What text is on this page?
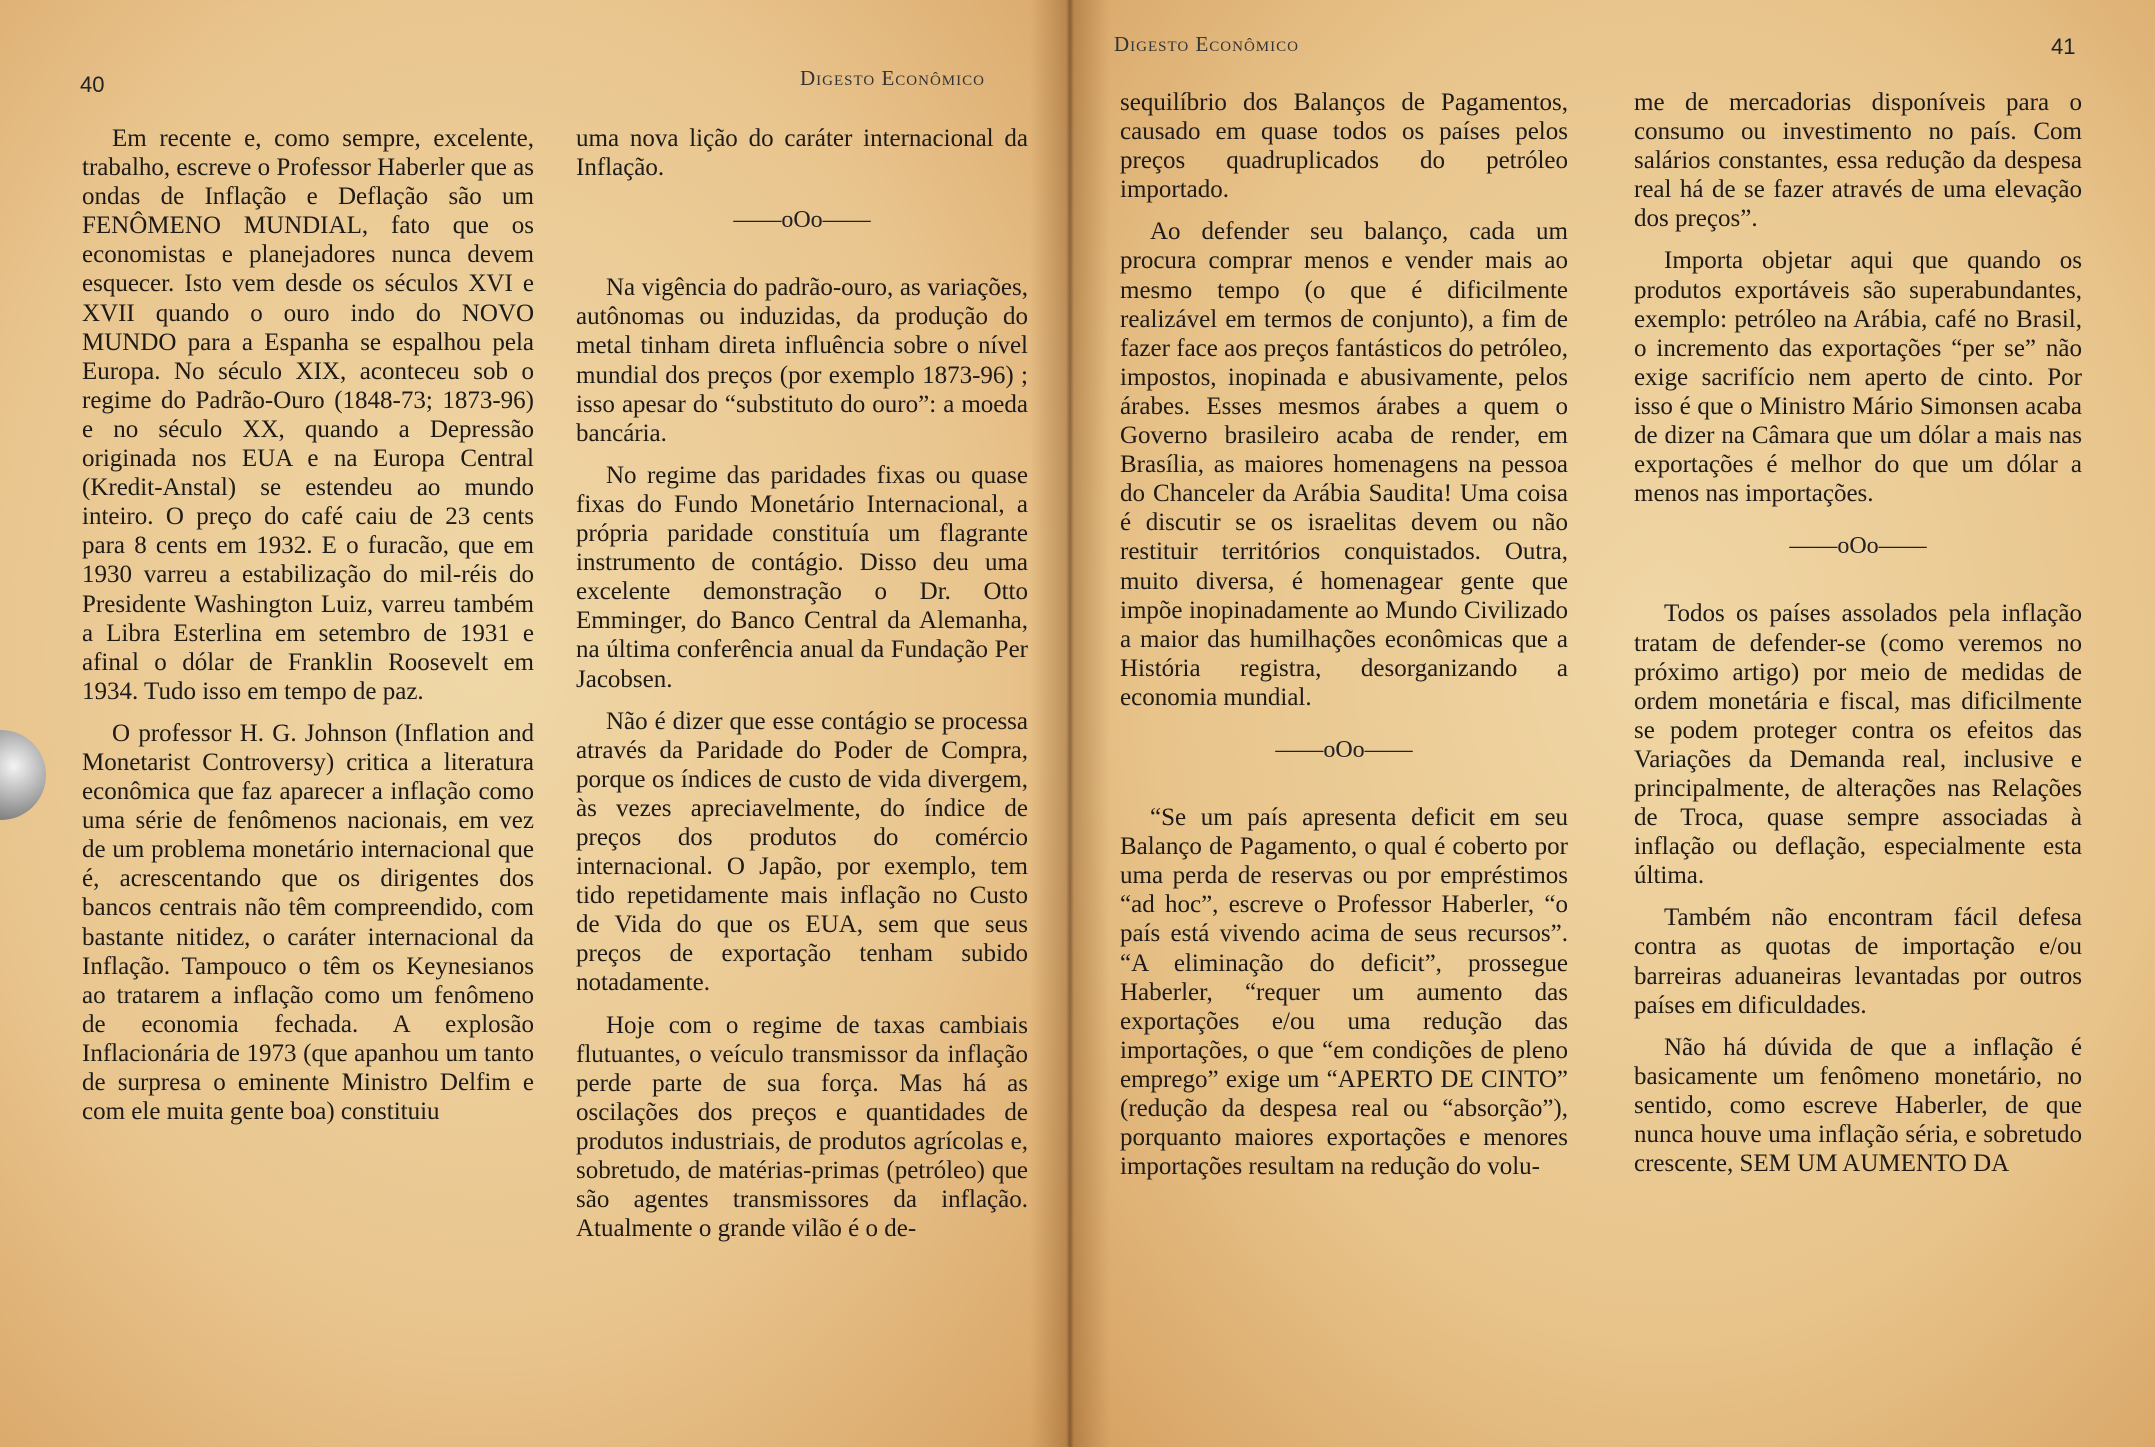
40	Digesto Econômico

Em recente e, como sempre, excelente, trabalho, escreve o Professor Haberler que as ondas de Inflação e Deflação são um FENÔMENO MUNDIAL, fato que os economistas e planejadores nunca devem esquecer. Isto vem desde os séculos XVI e XVII quando o ouro indo do NOVO MUNDO para a Espanha se espalhou pela Europa. No século XIX, aconteceu sob o regime do Padrão-Ouro (1848-73; 1873-96) e no século XX, quando a Depressão originada nos EUA e na Europa Central (Kredit-Anstal) se estendeu ao mundo inteiro. O preço do café caiu de 23 cents para 8 cents em 1932. E o furacão, que em 1930 varreu a estabilização do mil-réis do Presidente Washington Luiz, varreu também a Libra Esterlina em setembro de 1931 e afinal o dólar de Franklin Roosevelt em 1934. Tudo isso em tempo de paz.

O professor H. G. Johnson (Inflation and Monetarist Controversy) critica a literatura econômica que faz aparecer a inflação como uma série de fenômenos nacionais, em vez de um problema monetário internacional que é, acrescentando que os dirigentes dos bancos centrais não têm compreendido, com bastante nitidez, o caráter internacional da Inflação. Tampouco o têm os Keynesianos ao tratarem a inflação como um fenômeno de economia fechada. A explosão Inflacionária de 1973 (que apanhou um tanto de surpresa o eminente Ministro Delfim e com ele muita gente boa) constituiu

uma nova lição do caráter internacional da Inflação.

——oOo——

Na vigência do padrão-ouro, as variações, autônomas ou induzidas, da produção do metal tinham direta influência sobre o nível mundial dos preços (por exemplo 1873-96) ; isso apesar do “substituto do ouro”: a moeda bancária.

No regime das paridades fixas ou quase fixas do Fundo Monetário Internacional, a própria paridade constituía um flagrante instrumento de contágio. Disso deu uma excelente demonstração o Dr. Otto Emminger, do Banco Central da Alemanha, na última conferência anual da Fundação Per Jacobsen.

Não é dizer que esse contágio se processa através da Paridade do Poder de Compra, porque os índices de custo de vida divergem, às vezes apreciavelmente, do índice de preços dos produtos do comércio internacional. O Japão, por exemplo, tem tido repetidamente mais inflação no Custo de Vida do que os EUA, sem que seus preços de exportação tenham subido notadamente.

Hoje com o regime de taxas cambiais flutuantes, o veículo transmissor da inflação perde parte de sua força. Mas há as oscilações dos preços e quantidades de produtos industriais, de produtos agrícolas e, sobretudo, de matérias-primas (petróleo) que são agentes transmissores da inflação. Atualmente o grande vilão é o de-

Digesto Econômico	41

sequilíbrio dos Balanços de Pagamentos, causado em quase todos os países pelos preços quadruplicados do petróleo importado.

Ao defender seu balanço, cada um procura comprar menos e vender mais ao mesmo tempo (o que é dificilmente realizável em termos de conjunto), a fim de fazer face aos preços fantásticos do petróleo, impostos, inopinada e abusivamente, pelos árabes. Esses mesmos árabes a quem o Governo brasileiro acaba de render, em Brasília, as maiores homenagens na pessoa do Chanceler da Arábia Saudita! Uma coisa é discutir se os israelitas devem ou não restituir territórios conquistados. Outra, muito diversa, é homenagear gente que impõe inopinadamente ao Mundo Civilizado a maior das humilhações econômicas que a História registra, desorganizando a economia mundial.

——oOo——

“Se um país apresenta deficit em seu Balanço de Pagamento, o qual é coberto por uma perda de reservas ou por empréstimos “ad hoc”, escreve o Professor Haberler, “o país está vivendo acima de seus recursos”. “A eliminação do deficit”, prossegue Haberler, “requer um aumento das exportações e/ou uma redução das importações, o que “em condições de pleno emprego” exige um “APERTO DE CINTO” (redução da despesa real ou “absorção”), porquanto maiores exportações e menores importações resultam na redução do volu-

me de mercadorias disponíveis para o consumo ou investimento no país. Com salários constantes, essa redução da despesa real há de se fazer através de uma elevação dos preços”.

Importa objetar aqui que quando os produtos exportáveis são superabundantes, exemplo: petróleo na Arábia, café no Brasil, o incremento das exportações “per se” não exige sacrifício nem aperto de cinto. Por isso é que o Ministro Mário Simonsen acaba de dizer na Câmara que um dólar a mais nas exportações é melhor do que um dólar a menos nas importações.

——oOo——

Todos os países assolados pela inflação tratam de defender-se (como veremos no próximo artigo) por meio de medidas de ordem monetária e fiscal, mas dificilmente se podem proteger contra os efeitos das Variações da Demanda real, inclusive e principalmente, de alterações nas Relações de Troca, quase sempre associadas à inflação ou deflação, especialmente esta última.

Também não encontram fácil defesa contra as quotas de importação e/ou barreiras aduaneiras levantadas por outros países em dificuldades.

Não há dúvida de que a inflação é basicamente um fenômeno monetário, no sentido, como escreve Haberler, de que nunca houve uma inflação séria, e sobretudo crescente, SEM UM AUMENTO DA
